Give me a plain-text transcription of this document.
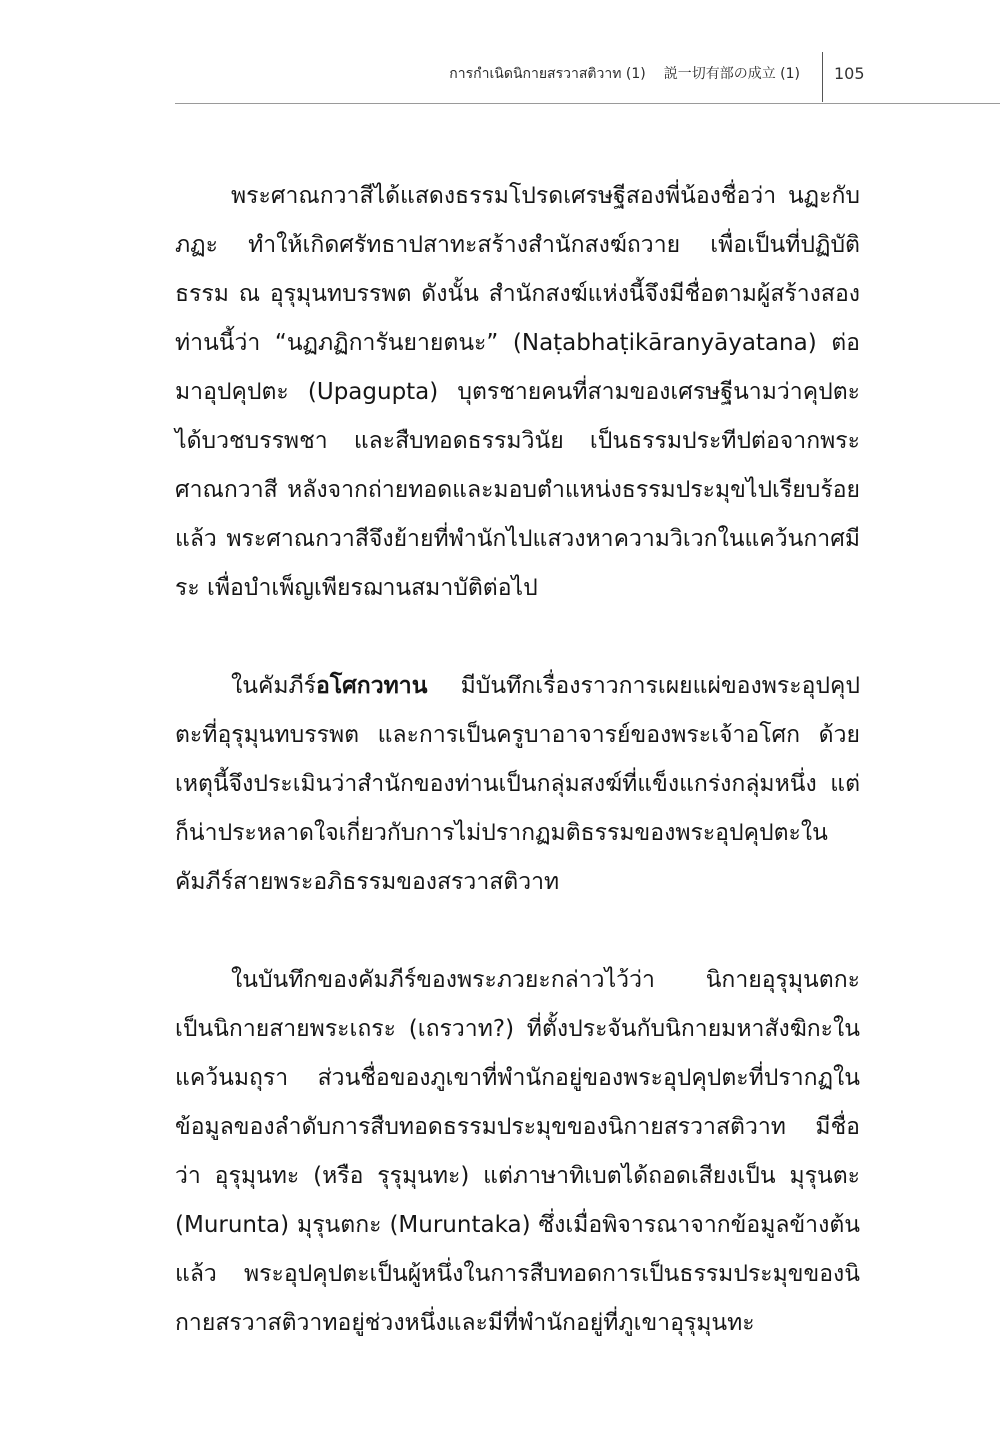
การกำเนิดนิกายสรวาสติวาท (1) 説一切有部の成立 (1) 105

พระศาณกวาสีได้แสดงธรรมโปรดเศรษฐีสองพี่น้องชื่อว่า นฏะกับภฏะ ทำให้เกิดศรัทธาปสาทะสร้างสำนักสงฆ์ถวาย เพื่อเป็นที่ปฏิบัติธรรม ณ อุรุมุนทบรรพต ดังนั้น สำนักสงฆ์แห่งนี้จึงมีชื่อตามผู้สร้างสองท่านนี้ว่า “นฏภฏิการันยายตนะ” (Naṭabhaṭikāranyāyatana) ต่อมาอุปคุปตะ (Upagupta) บุตรชายคนที่สามของเศรษฐีนามว่าคุปตะได้บวชบรรพชา และสืบทอดธรรมวินัย เป็นธรรมประทีปต่อจากพระศาณกวาสี หลังจากถ่ายทอดและมอบตำแหน่งธรรมประมุขไปเรียบร้อยแล้ว พระศาณกวาสีจึงย้ายที่พำนักไปแสวงหาความวิเวกในแคว้นกาศมีระ เพื่อบำเพ็ญเพียรฌานสมาบัติต่อไป

ในคัมภีร์อโศกวทาน มีบันทึกเรื่องราวการเผยแผ่ของพระอุปคุปตะที่อุรุมุนทบรรพต และการเป็นครูบาอาจารย์ของพระเจ้าอโศก ด้วยเหตุนี้จึงประเมินว่าสำนักของท่านเป็นกลุ่มสงฆ์ที่แข็งแกร่งกลุ่มหนึ่ง แต่ก็น่าประหลาดใจเกี่ยวกับการไม่ปรากฏมติธรรมของพระอุปคุปตะในคัมภีร์สายพระอภิธรรมของสรวาสติวาท

ในบันทึกของคัมภีร์ของพระภวยะกล่าวไว้ว่า นิกายอุรุมุนตกะ เป็นนิกายสายพระเถระ (เถรวาท?) ที่ตั้งประจันกับนิกายมหาสังฆิกะในแคว้นมถุรา ส่วนชื่อของภูเขาที่พำนักอยู่ของพระอุปคุปตะที่ปรากฏในข้อมูลของลำดับการสืบทอดธรรมประมุขของนิกายสรวาสติวาท มีชื่อว่า อุรุมุนทะ (หรือ รุรุมุนทะ) แต่ภาษาทิเบตได้ถอดเสียงเป็น มุรุนตะ (Murunta) มุรุนตกะ (Muruntaka) ซึ่งเมื่อพิจารณาจากข้อมูลข้างต้นแล้ว พระอุปคุปตะเป็นผู้หนึ่งในการสืบทอดการเป็นธรรมประมุขของนิกายสรวาสติวาทอยู่ช่วงหนึ่งและมีที่พำนักอยู่ที่ภูเขาอุรุมุนทะ
